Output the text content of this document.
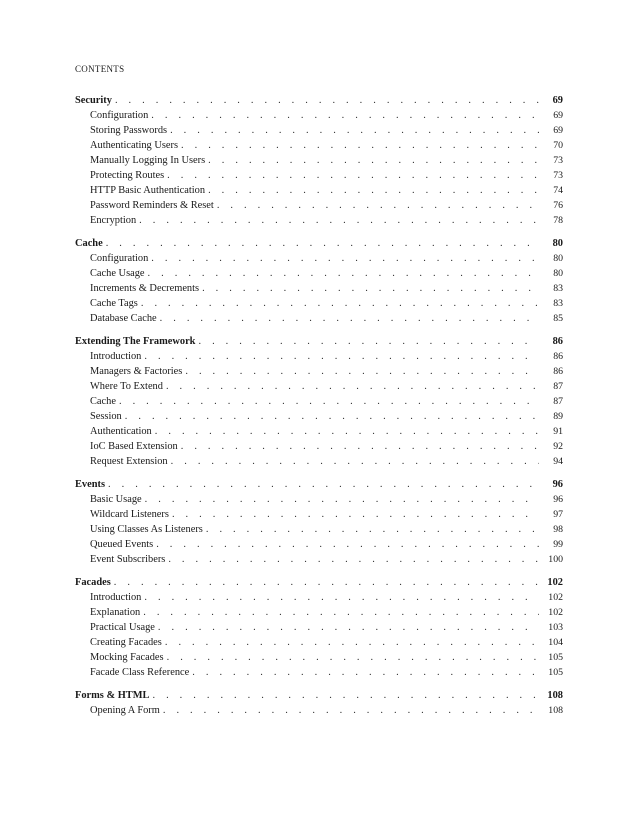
CONTENTS
Security . . .	69
Configuration . . .	69
Storing Passwords . . .	69
Authenticating Users . . .	70
Manually Logging In Users . . .	73
Protecting Routes . . .	73
HTTP Basic Authentication . . .	74
Password Reminders & Reset . . .	76
Encryption . . .	78
Cache . . .	80
Configuration . . .	80
Cache Usage . . .	80
Increments & Decrements . . .	83
Cache Tags . . .	83
Database Cache . . .	85
Extending The Framework . . .	86
Introduction . . .	86
Managers & Factories . . .	86
Where To Extend . . .	87
Cache . . .	87
Session . . .	89
Authentication . . .	91
IoC Based Extension . . .	92
Request Extension . . .	94
Events . . .	96
Basic Usage . . .	96
Wildcard Listeners . . .	97
Using Classes As Listeners . . .	98
Queued Events . . .	99
Event Subscribers . . .	100
Facades . . .	102
Introduction . . .	102
Explanation . . .	102
Practical Usage . . .	103
Creating Facades . . .	104
Mocking Facades . . .	105
Facade Class Reference . . .	105
Forms & HTML . . .	108
Opening A Form . . .	108
